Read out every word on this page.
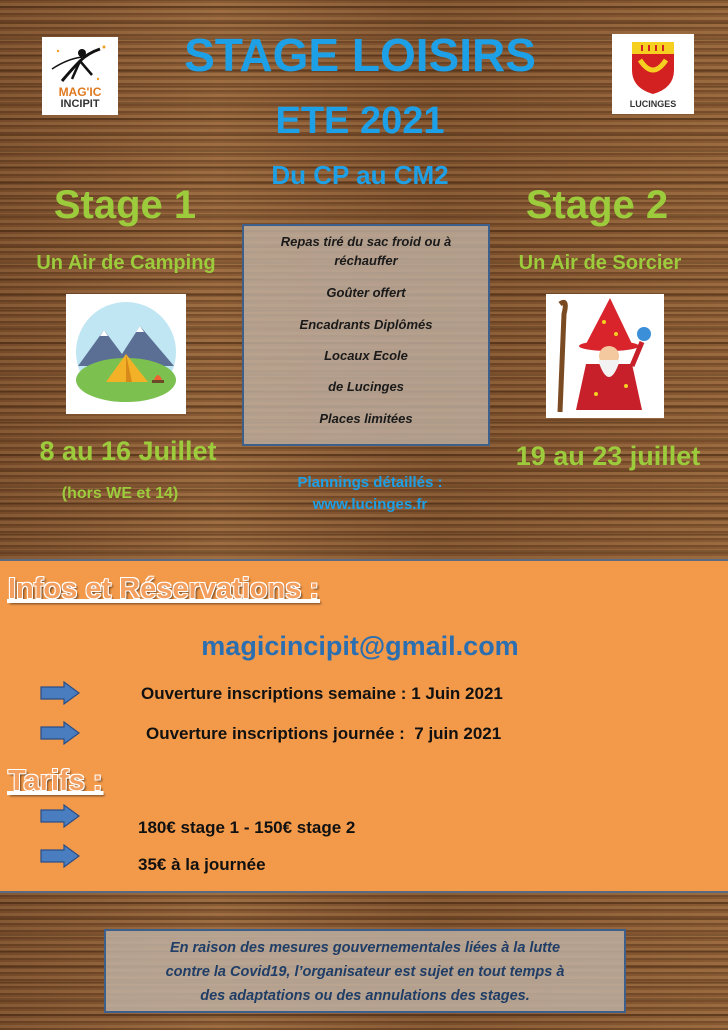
MAG'IC
INCIPIT	LUCINGES
STAGE LOISIRS
ETE 2021
Du CP au CM2
Stage 1
Un Air de Camping
8 au 16 Juillet
(hors WE et 14)
Stage 2
Un Air de Sorcier
19 au 23 juillet
Repas tiré du sac froid ou à
réchauffer
Goûter offert
Encadrants Diplômés
Locaux Ecole
de Lucinges
Places limitées
Plannings détaillés :
www.lucinges.fr
Infos et Réservations :
magicincipit@gmail.com
Ouverture inscriptions semaine : 1 Juin 2021
Ouverture inscriptions journée :  7 juin 2021
Tarifs :
180€ stage 1 - 150€ stage 2
35€ à la journée
En raison des mesures gouvernementales liées à la lutte
contre la Covid19, l’organisateur est sujet en tout temps à
des adaptations ou des annulations des stages.
